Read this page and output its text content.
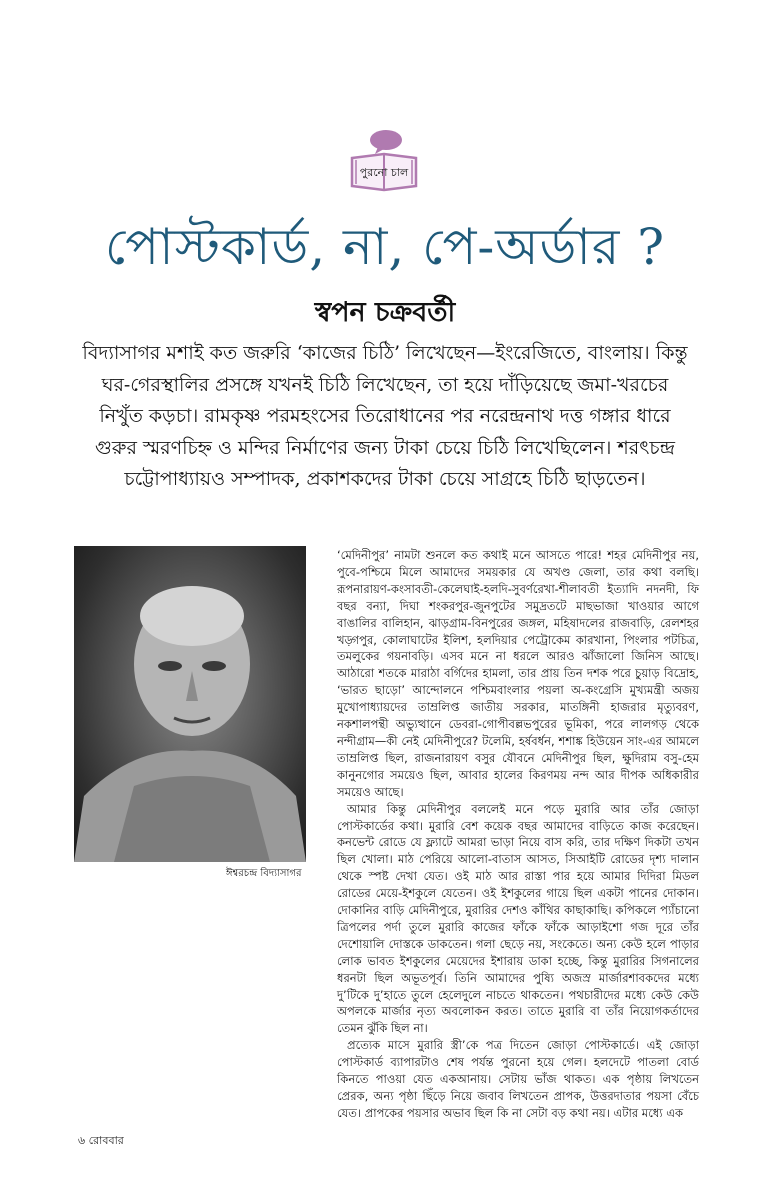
পুরনো চাল
পোস্টকার্ড, না, পে-অর্ডার ?
স্বপন চক্রবর্তী
বিদ্যাসাগর মশাই কত জরুরি ‘কাজের চিঠি’ লিখেছেন—ইংরেজিতে, বাংলায়। কিন্তু ঘর-গেরস্থালির প্রসঙ্গে যখনই চিঠি লিখেছেন, তা হয়ে দাঁড়িয়েছে জমা-খরচের নিখুঁত কড়চা। রামকৃষ্ণ পরমহংসের তিরোধানের পর নরেন্দ্রনাথ দত্ত গঙ্গার ধারে গুরুর স্মরণচিহ্ন ও মন্দির নির্মাণের জন্য টাকা চেয়ে চিঠি লিখেছিলেন। শরৎচন্দ্র চট্টোপাধ্যায়ও সম্পাদক, প্রকাশকদের টাকা চেয়ে সাগ্রহে চিঠি ছাড়তেন।
ঈশ্বরচন্দ্র বিদ্যাসাগর

‘মেদিনীপুর’ নামটা শুনলে কত কথাই মনে আসতে পারে! শহর মেদিনীপুর নয়, পুবে-পশ্চিমে মিলে আমাদের সময়কার যে অখণ্ড জেলা, তার কথা বলছি। রূপনারায়ণ-কংসাবতী-কেলেঘাই-হলদি-সুবর্ণরেখা-শীলাবতী ইত্যাদি নদনদী, ফি বছর বন্যা, দিঘা শংকরপুর-জুনপুটের সমুদ্রতটে মাছভাজা খাওয়ার আগে বাঙালির বালিহান, ঝাড়গ্রাম-বিনপুরের জঙ্গল, মহিষাদলের রাজবাড়ি, রেলশহর খড়্গপুর, কোলাঘাটের ইলিশ, হলদিয়ার পেট্রোকেম কারখানা, পিংলার পটচিত্র, তমলুকের গয়নাবড়ি। এসব মনে না ধরলে আরও ঝাঁজালো জিনিস আছে। আঠারো শতকে মারাঠা বর্গিদের হামলা, তার প্রায় তিন দশক পরে চুয়াড় বিদ্রোহ, ‘ভারত ছাড়ো’ আন্দোলনে পশ্চিমবাংলার পয়লা অ-কংগ্রেসি মুখ্যমন্ত্রী অজয় মুখোপাধ্যায়দের তাম্রলিপ্ত জাতীয় সরকার, মাতঙ্গিনী হাজরার মৃত্যুবরণ, নকশালপন্থী অভ্যুত্থানে ডেবরা-গোপীবল্লভপুরের ভূমিকা, পরে লালগড় থেকে নন্দীগ্রাম—কী নেই মেদিনীপুরে? টলেমি, হর্ষবর্ধন, শশাঙ্ক হিউয়েন সাং-এর আমলে তাম্রলিপ্ত ছিল, রাজনারায়ণ বসুর যৌবনে মেদিনীপুর ছিল, ক্ষুদিরাম বসু-হেম কানুনগোর সময়েও ছিল, আবার হালের কিরণময় নন্দ আর দীপক অধিকারীর সময়েও আছে।

আমার কিন্তু মেদিনীপুর বললেই মনে পড়ে মুরারি আর তাঁর জোড়া পোস্টকার্ডের কথা। মুরারি বেশ কয়েক বছর আমাদের বাড়িতে কাজ করেছেন। কনভেন্ট রোডে যে ফ্ল্যাটে আমরা ভাড়া নিয়ে বাস করি, তার দক্ষিণ দিকটা তখন ছিল খোলা। মাঠ পেরিয়ে আলো-বাতাস আসত, সিআইটি রোডের দৃশ্য দালান থেকে স্পষ্ট দেখা যেত। ওই মাঠ আর রাস্তা পার হয়ে আমার দিদিরা মিডল রোডের মেয়ে-ইশকুলে যেতেন। ওই ইশকুলের গায়ে ছিল একটা পানের দোকান। দোকানির বাড়ি মেদিনীপুরে, মুরারির দেশও কাঁথির কাছাকাছি। কপিকলে প্যাঁচানো ত্রিপলের পর্দা তুলে মুরারি কাজের ফাঁকে ফাঁকে আড়াইশো গজ দূরে তাঁর দেশোয়ালি দোস্তকে ডাকতেন। গলা ছেড়ে নয়, সংকেতে। অন্য কেউ হলে পাড়ার লোক ভাবত ইশকুলের মেয়েদের ইশারায় ডাকা হচ্ছে, কিন্তু মুরারির সিগনালের ধরনটা ছিল অভূতপূর্ব। তিনি আমাদের পুষ্যি অজস্র মার্জারশাবকদের মধ্যে দু’টিকে দু’হাতে তুলে হেলেদুলে নাচতে থাকতেন। পথচারীদের মধ্যে কেউ কেউ অপলকে মার্জার নৃত্য অবলোকন করত। তাতে মুরারি বা তাঁর নিয়োগকর্তাদের তেমন ঝুঁকি ছিল না।

প্রত্যেক মাসে মুরারি স্ত্রী’কে পত্র দিতেন জোড়া পোস্টকার্ডে। এই জোড়া পোস্টকার্ড ব্যাপারটাও শেষ পর্যন্ত পুরনো হয়ে গেল। হলদেটে পাতলা বোর্ড কিনতে পাওয়া যেত একআনায়। সেটায় ভাঁজ থাকত। এক পৃষ্ঠায় লিখতেন প্রেরক, অন্য পৃষ্ঠা ছিঁড়ে নিয়ে জবাব লিখতেন প্রাপক, উত্তরদাতার পয়সা বেঁচে যেত। প্রাপকের পয়সার অভাব ছিল কি না সেটা বড় কথা নয়। এটার মধ্যে এক

৬ রোববার
